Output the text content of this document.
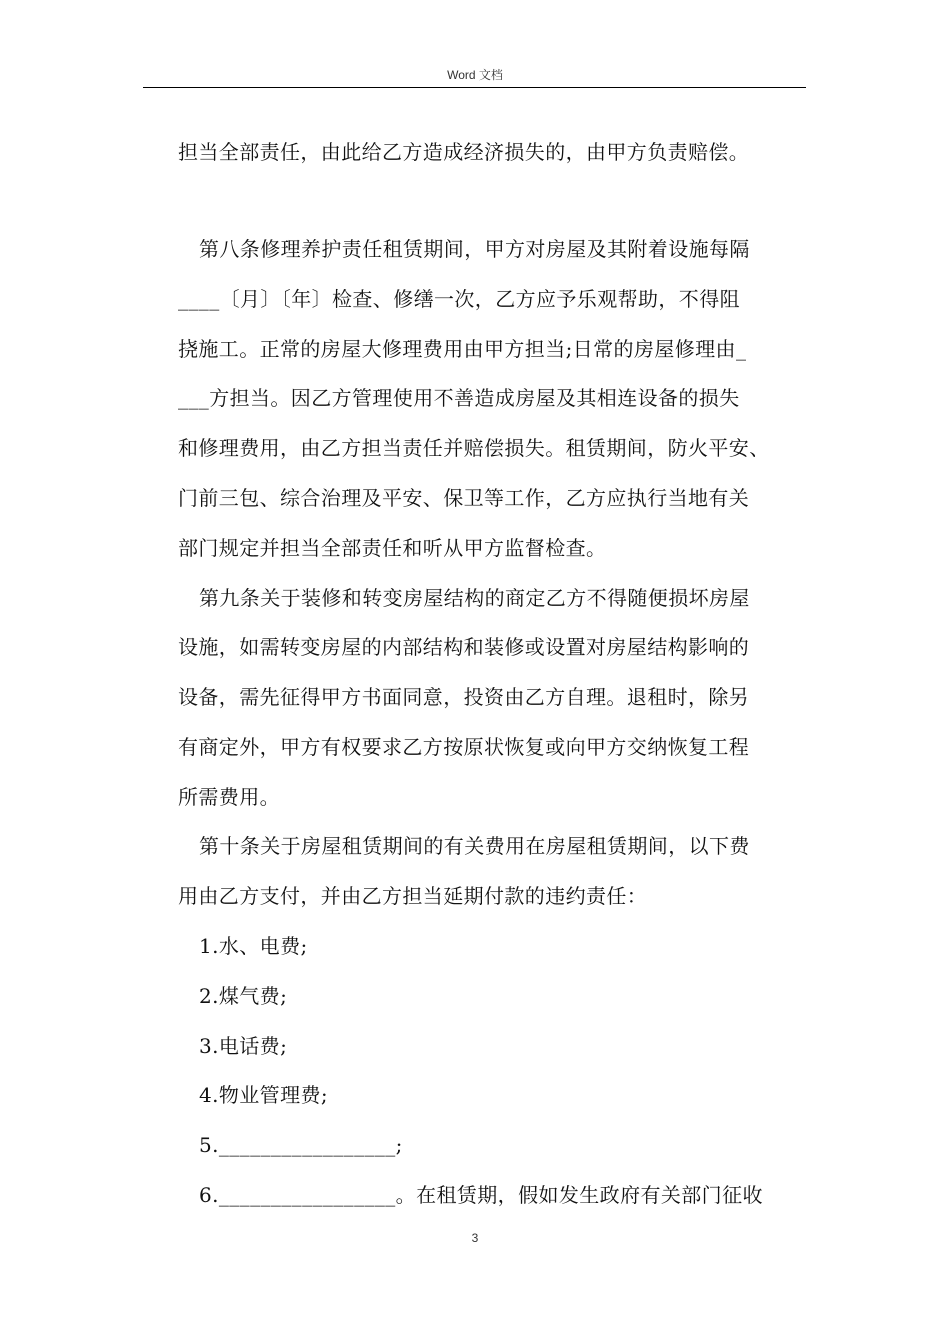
Word 文档
担当全部责任，由此给乙方造成经济损失的，由甲方负责赔偿。
第八条修理养护责任租赁期间，甲方对房屋及其附着设施每隔
____〔月〕〔年〕检查、修缮一次，乙方应予乐观帮助，不得阻
挠施工。正常的房屋大修理费用由甲方担当;日常的房屋修理由_
___方担当。因乙方管理使用不善造成房屋及其相连设备的损失
和修理费用，由乙方担当责任并赔偿损失。租赁期间，防火平安、
门前三包、综合治理及平安、保卫等工作，乙方应执行当地有关
部门规定并担当全部责任和听从甲方监督检查。
第九条关于装修和转变房屋结构的商定乙方不得随便损坏房屋
设施，如需转变房屋的内部结构和装修或设置对房屋结构影响的
设备，需先征得甲方书面同意，投资由乙方自理。退租时，除另
有商定外，甲方有权要求乙方按原状恢复或向甲方交纳恢复工程
所需费用。
第十条关于房屋租赁期间的有关费用在房屋租赁期间，以下费
用由乙方支付，并由乙方担当延期付款的违约责任：
1.水、电费;
2.煤气费;
3.电话费;
4.物业管理费;
5._________________;
6._________________。在租赁期，假如发生政府有关部门征收
3
